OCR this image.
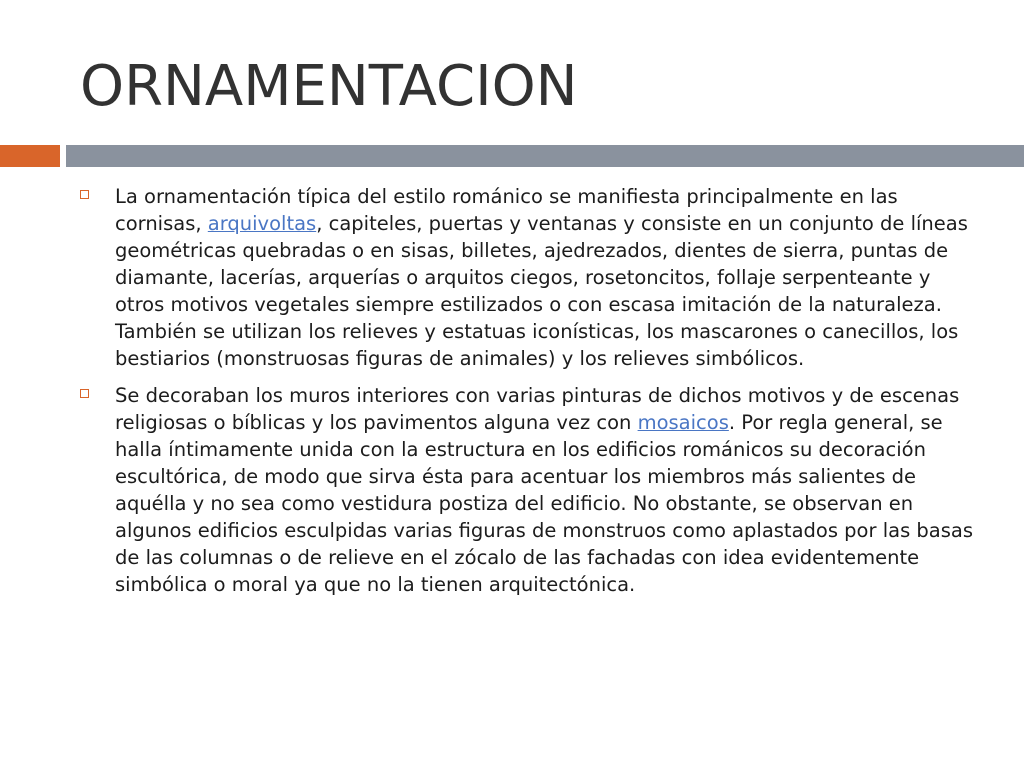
ORNAMENTACION
La ornamentación típica del estilo románico se manifiesta principalmente en las cornisas, arquivoltas, capiteles, puertas y ventanas y consiste en un conjunto de líneas geométricas quebradas o en sisas, billetes, ajedrezados, dientes de sierra, puntas de diamante, lacerías, arquerías o arquitos ciegos, rosetoncitos, follaje serpenteante y otros motivos vegetales siempre estilizados o con escasa imitación de la naturaleza. También se utilizan los relieves y estatuas iconísticas, los mascarones o canecillos, los bestiarios (monstruosas figuras de animales) y los relieves simbólicos.
Se decoraban los muros interiores con varias pinturas de dichos motivos y de escenas religiosas o bíblicas y los pavimentos alguna vez con mosaicos. Por regla general, se halla íntimamente unida con la estructura en los edificios románicos su decoración escultórica, de modo que sirva ésta para acentuar los miembros más salientes de aquélla y no sea como vestidura postiza del edificio. No obstante, se observan en algunos edificios esculpidas varias figuras de monstruos como aplastados por las basas de las columnas o de relieve en el zócalo de las fachadas con idea evidentemente simbólica o moral ya que no la tienen arquitectónica.
